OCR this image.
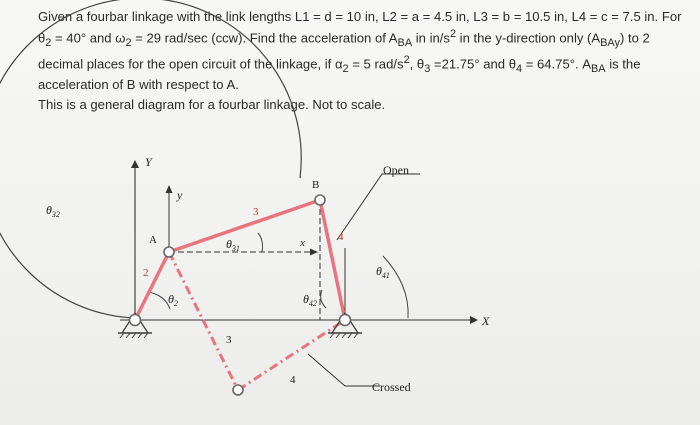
Given a fourbar linkage with the link lengths L1 = d = 10 in, L2 = a = 4.5 in, L3 = b = 10.5 in, L4 = c = 7.5 in. For $\theta_2 = 40^\circ$ and $\omega_2 = 29$ rad/sec (ccw). Find the acceleration of $A_{BA}$ in $in/s^2$ in the y-direction only $(A_{BAy})$ to 2 decimal places for the open circuit of the linkage, if $\alpha_2 = 5$ rad/$s^2$, $\theta_3 =21.75^\circ$ and $\theta_4 = 64.75^\circ$. $A_{BA}$ is the acceleration of B with respect to A.

This is a general diagram for a fourbar linkage. Not to scale.

Y
y
X
x
A
B
2
3
4
3
4
$\theta_2$
$\theta_{31}$
$\theta_{32}$
$\theta_{41}$
$\theta_{42}$
Open
Crossed
